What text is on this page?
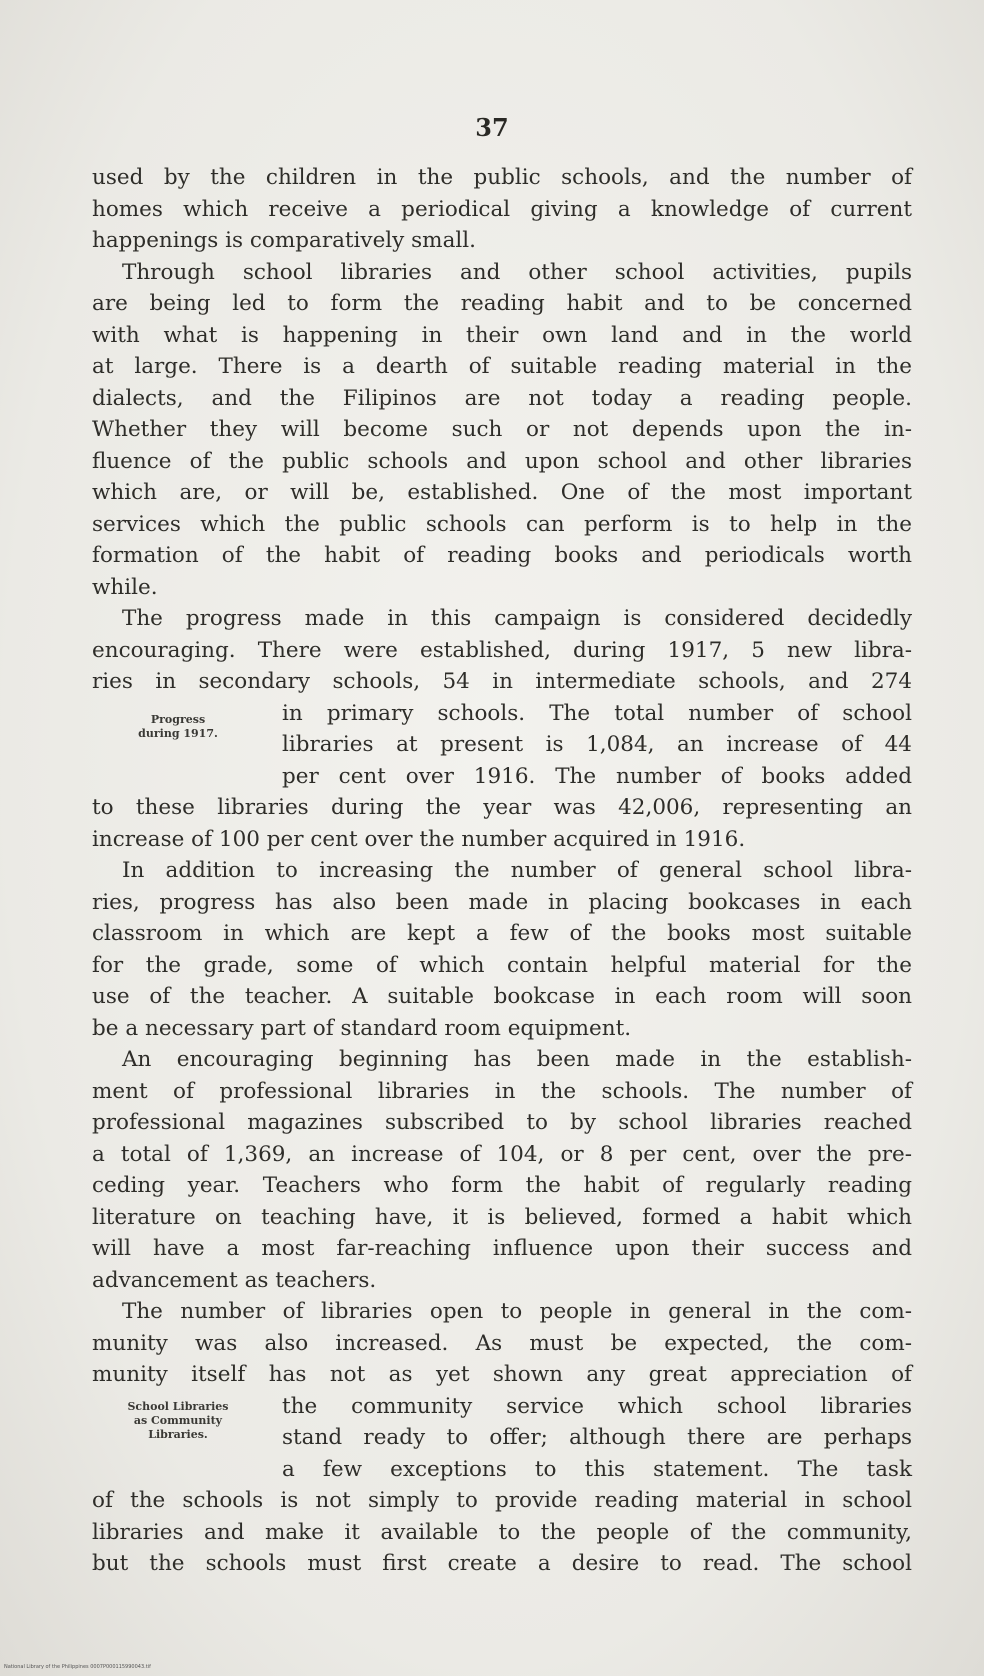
37

used by the children in the public schools, and the number of
homes which receive a periodical giving a knowledge of current
happenings is comparatively small.

Through school libraries and other school activities, pupils
are being led to form the reading habit and to be concerned
with what is happening in their own land and in the world
at large. There is a dearth of suitable reading material in the
dialects, and the Filipinos are not today a reading people.
Whether they will become such or not depends upon the in-
fluence of the public schools and upon school and other libraries
which are, or will be, established. One of the most important
services which the public schools can perform is to help in the
formation of the habit of reading books and periodicals worth
while.

The progress made in this campaign is considered decidedly
encouraging. There were established, during 1917, 5 new libra-
ries in secondary schools, 54 in intermediate schools, and 274
Progress
during 1917.
in primary schools. The total number of school
libraries at present is 1,084, an increase of 44
per cent over 1916. The number of books added
to these libraries during the year was 42,006, representing an
increase of 100 per cent over the number acquired in 1916.

In addition to increasing the number of general school libra-
ries, progress has also been made in placing bookcases in each
classroom in which are kept a few of the books most suitable
for the grade, some of which contain helpful material for the
use of the teacher. A suitable bookcase in each room will soon
be a necessary part of standard room equipment.

An encouraging beginning has been made in the establish-
ment of professional libraries in the schools. The number of
professional magazines subscribed to by school libraries reached
a total of 1,369, an increase of 104, or 8 per cent, over the pre-
ceding year. Teachers who form the habit of regularly reading
literature on teaching have, it is believed, formed a habit which
will have a most far-reaching influence upon their success and
advancement as teachers.

The number of libraries open to people in general in the com-
munity was also increased. As must be expected, the com-
munity itself has not as yet shown any great appreciation of
School Libraries
as Community
Libraries.
the community service which school libraries
stand ready to offer; although there are perhaps
a few exceptions to this statement. The task
of the schools is not simply to provide reading material in school
libraries and make it available to the people of the community,
but the schools must first create a desire to read. The school

National Library of the Philippines 0007P000115990043.tif
